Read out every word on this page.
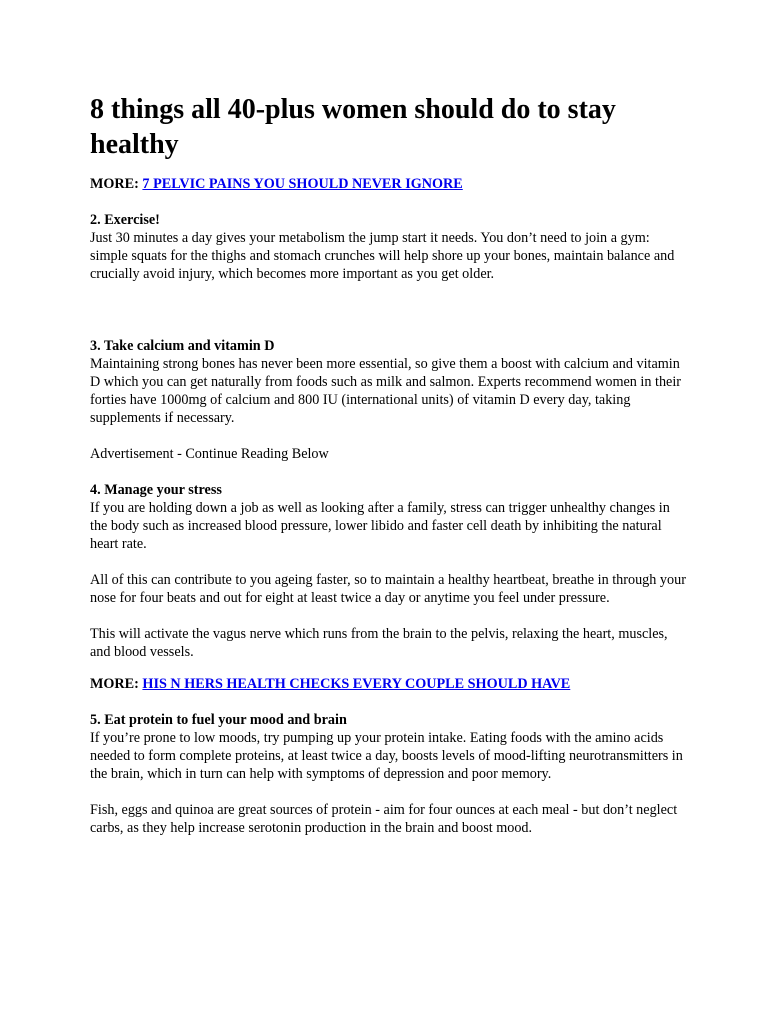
8 things all 40-plus women should do to stay healthy
MORE: 7 PELVIC PAINS YOU SHOULD NEVER IGNORE

2. Exercise!

Just 30 minutes a day gives your metabolism the jump start it needs. You don’t need to join a gym: simple squats for the thighs and stomach crunches will help shore up your bones, maintain balance and crucially avoid injury, which becomes more important as you get older.

3. Take calcium and vitamin D

Maintaining strong bones has never been more essential, so give them a boost with calcium and vitamin D which you can get naturally from foods such as milk and salmon. Experts recommend women in their forties have 1000mg of calcium and 800 IU (international units) of vitamin D every day, taking supplements if necessary.

Advertisement - Continue Reading Below

4. Manage your stress

If you are holding down a job as well as looking after a family, stress can trigger unhealthy changes in the body such as increased blood pressure, lower libido and faster cell death by inhibiting the natural heart rate.

All of this can contribute to you ageing faster, so to maintain a healthy heartbeat, breathe in through your nose for four beats and out for eight at least twice a day or anytime you feel under pressure.

This will activate the vagus nerve which runs from the brain to the pelvis, relaxing the heart, muscles, and blood vessels.

MORE: HIS N HERS HEALTH CHECKS EVERY COUPLE SHOULD HAVE

5. Eat protein to fuel your mood and brain

If you’re prone to low moods, try pumping up your protein intake. Eating foods with the amino acids needed to form complete proteins, at least twice a day, boosts levels of mood-lifting neurotransmitters in the brain, which in turn can help with symptoms of depression and poor memory.

Fish, eggs and quinoa are great sources of protein - aim for four ounces at each meal - but don’t neglect carbs, as they help increase serotonin production in the brain and boost mood.
